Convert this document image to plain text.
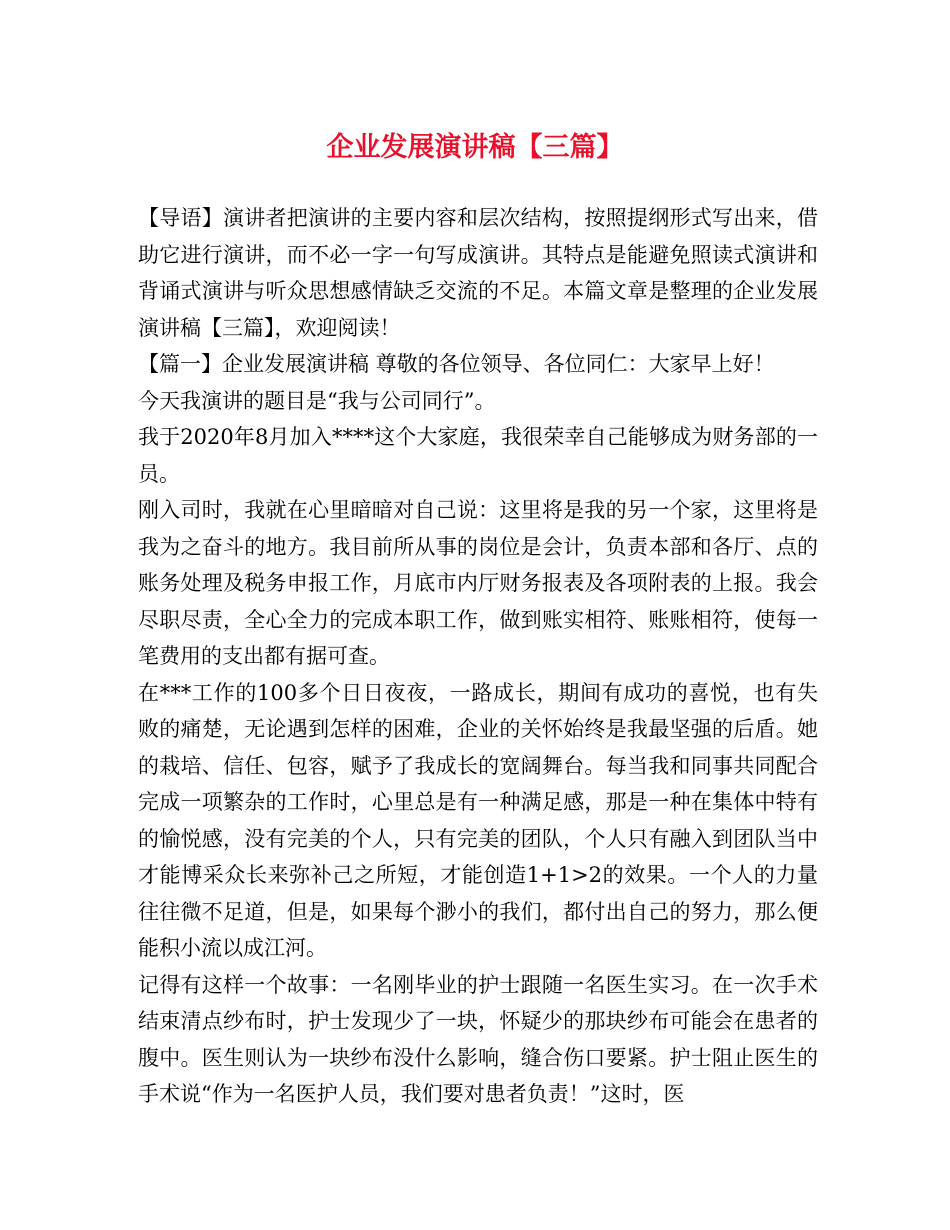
企业发展演讲稿【三篇】

【导语】演讲者把演讲的主要内容和层次结构，按照提纲形式写出来，借助它进行演讲，而不必一字一句写成演讲。其特点是能避免照读式演讲和背诵式演讲与听众思想感情缺乏交流的不足。本篇文章是整理的企业发展演讲稿【三篇】，欢迎阅读！

【篇一】企业发展演讲稿 尊敬的各位领导、各位同仁：大家早上好！

今天我演讲的题目是“我与公司同行”。

我于2020年8月加入****这个大家庭，我很荣幸自己能够成为财务部的一员。

刚入司时，我就在心里暗暗对自己说：这里将是我的另一个家，这里将是我为之奋斗的地方。我目前所从事的岗位是会计，负责本部和各厅、点的账务处理及税务申报工作，月底市内厅财务报表及各项附表的上报。我会尽职尽责，全心全力的完成本职工作，做到账实相符、账账相符，使每一笔费用的支出都有据可查。

在***工作的100多个日日夜夜，一路成长，期间有成功的喜悦，也有失败的痛楚，无论遇到怎样的困难，企业的关怀始终是我最坚强的后盾。她的栽培、信任、包容，赋予了我成长的宽阔舞台。每当我和同事共同配合完成一项繁杂的工作时，心里总是有一种满足感，那是一种在集体中特有的愉悦感，没有完美的个人，只有完美的团队，个人只有融入到团队当中才能博采众长来弥补己之所短，才能创造1+1>2的效果。一个人的力量往往微不足道，但是，如果每个渺小的我们，都付出自己的努力，那么便能积小流以成江河。

记得有这样一个故事：一名刚毕业的护士跟随一名医生实习。在一次手术结束清点纱布时，护士发现少了一块，怀疑少的那块纱布可能会在患者的腹中。医生则认为一块纱布没什么影响，缝合伤口要紧。护士阻止医生的手术说“作为一名医护人员，我们要对患者负责！”这时，医
